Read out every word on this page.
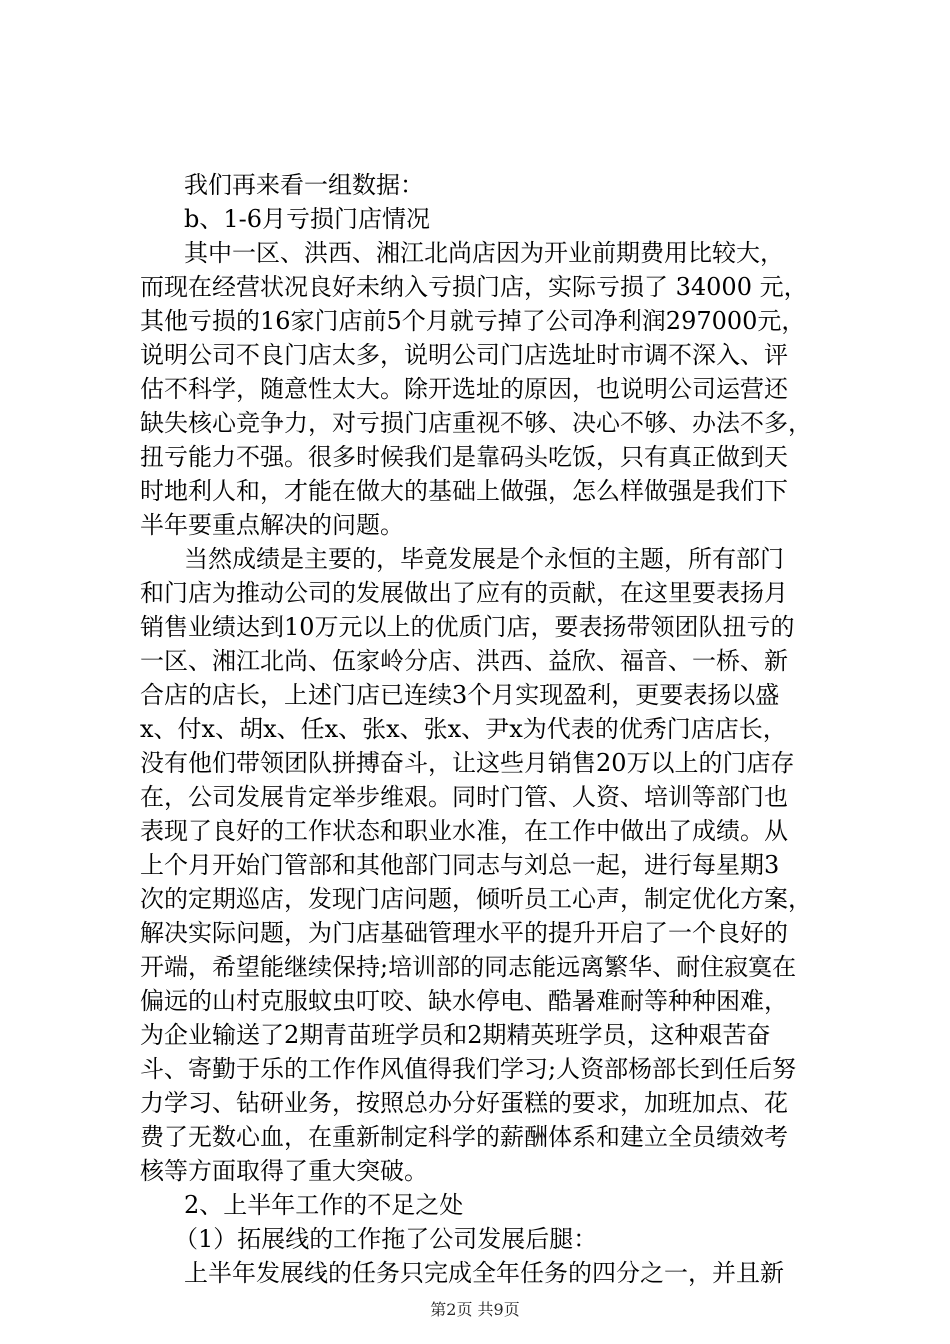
我们再来看一组数据：
b、1-6月亏损门店情况
其中一区、洪西、湘江北尚店因为开业前期费用比较大，
而现在经营状况良好未纳入亏损门店，实际亏损了 34000 元，
其他亏损的16家门店前5个月就亏掉了公司净利润297000元，
说明公司不良门店太多，说明公司门店选址时市调不深入、评
估不科学，随意性太大。除开选址的原因，也说明公司运营还
缺失核心竞争力，对亏损门店重视不够、决心不够、办法不多，
扭亏能力不强。很多时候我们是靠码头吃饭，只有真正做到天
时地利人和，才能在做大的基础上做强，怎么样做强是我们下
半年要重点解决的问题。
当然成绩是主要的，毕竟发展是个永恒的主题，所有部门
和门店为推动公司的发展做出了应有的贡献，在这里要表扬月
销售业绩达到10万元以上的优质门店，要表扬带领团队扭亏的
一区、湘江北尚、伍家岭分店、洪西、益欣、福音、一桥、新
合店的店长，上述门店已连续3个月实现盈利，更要表扬以盛
x、付x、胡x、任x、张x、张x、尹x为代表的优秀门店店长，
没有他们带领团队拼搏奋斗，让这些月销售20万以上的门店存
在，公司发展肯定举步维艰。同时门管、人资、培训等部门也
表现了良好的工作状态和职业水准，在工作中做出了成绩。从
上个月开始门管部和其他部门同志与刘总一起，进行每星期3
次的定期巡店，发现门店问题，倾听员工心声，制定优化方案，
解决实际问题，为门店基础管理水平的提升开启了一个良好的
开端，希望能继续保持;培训部的同志能远离繁华、耐住寂寞在
偏远的山村克服蚊虫叮咬、缺水停电、酷暑难耐等种种困难，
为企业输送了2期青苗班学员和2期精英班学员，这种艰苦奋
斗、寄勤于乐的工作作风值得我们学习;人资部杨部长到任后努
力学习、钻研业务，按照总办分好蛋糕的要求，加班加点、花
费了无数心血，在重新制定科学的薪酬体系和建立全员绩效考
核等方面取得了重大突破。
2、上半年工作的不足之处
（1）拓展线的工作拖了公司发展后腿：
上半年发展线的任务只完成全年任务的四分之一，并且新
第2页 共9页
